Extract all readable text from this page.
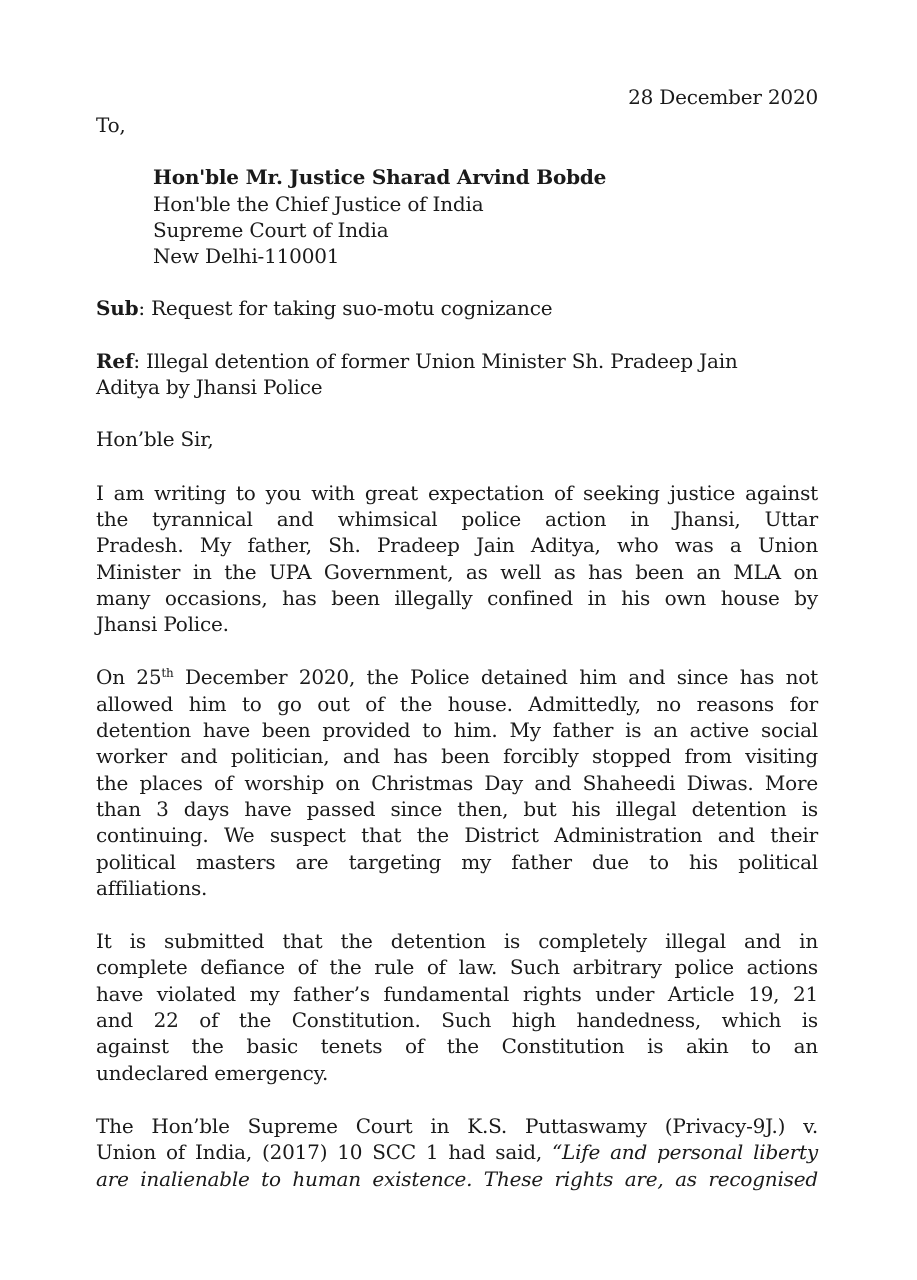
28 December 2020
To,
Hon'ble Mr. Justice Sharad Arvind Bobde
Hon'ble the Chief Justice of India
Supreme Court of India
New Delhi-110001
Sub: Request for taking suo-motu cognizance
Ref: Illegal detention of former Union Minister Sh. Pradeep Jain
Aditya by Jhansi Police
Hon’ble Sir,
I am writing to you with great expectation of seeking justice against
the tyrannical and whimsical police action in Jhansi, Uttar
Pradesh. My father, Sh. Pradeep Jain Aditya, who was a Union
Minister in the UPA Government, as well as has been an MLA on
many occasions, has been illegally confined in his own house by
Jhansi Police.
On 25th December 2020, the Police detained him and since has not
allowed him to go out of the house. Admittedly, no reasons for
detention have been provided to him. My father is an active social
worker and politician, and has been forcibly stopped from visiting
the places of worship on Christmas Day and Shaheedi Diwas. More
than 3 days have passed since then, but his illegal detention is
continuing. We suspect that the District Administration and their
political masters are targeting my father due to his political
affiliations.
It is submitted that the detention is completely illegal and in
complete defiance of the rule of law. Such arbitrary police actions
have violated my father’s fundamental rights under Article 19, 21
and 22 of the Constitution. Such high handedness, which is
against the basic tenets of the Constitution is akin to an
undeclared emergency.
The Hon’ble Supreme Court in K.S. Puttaswamy (Privacy-9J.) v.
Union of India, (2017) 10 SCC 1 had said, “Life and personal liberty
are inalienable to human existence. These rights are, as recognised
